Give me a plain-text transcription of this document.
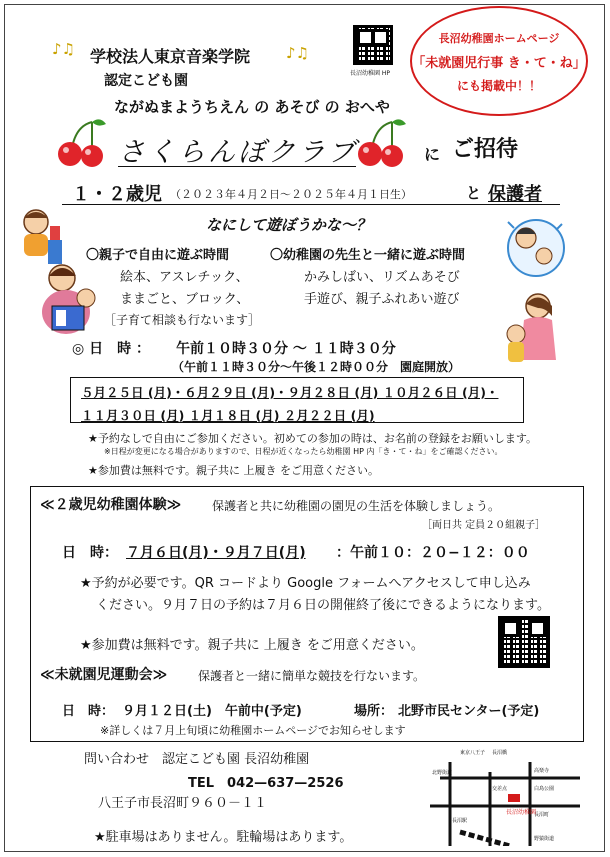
♪♫ 学校法人東京音楽学院 ♪♫
認定こども園
ながぬまようちえん の あそび の おへや
長沼幼稚園 HP
長沼幼稚園ホームページ
「未就園児行事 き・て・ね」
にも掲載中！！
さくらんぼクラブ	に ご招待
１・２歳児 （２０２３年４月２日～２０２５年４月１日生）	と 保護者
なにして遊ぼうかな～？
〇親子で自由に遊ぶ時間
絵本、アスレチック、
ままごと、ブロック、
［子育て相談も行ないます］
〇幼稚園の先生と一緒に遊ぶ時間
かみしばい、リズムあそび
手遊び、親子ふれあい遊び
◎ 日　時 ： 午前１０時３０分 ～ １１時３０分
（午前１１時３０分～午後１２時００分　園庭開放）
５月２５日 (月)・６月２９日 (月)・９月２８日 (月) １０月２６日 (月)・
１１月３０日 (月) １月１８日 (月) ２月２２日 (月)
★予約なしで自由にご参加ください。初めての参加の時は、お名前の登録をお願いします。
※日程が変更になる場合がありますので、日程が近くなったら幼稚園 HP 内「き・て・ね」をご確認ください。
★参加費は無料です。親子共に 上履き をご用意ください。
≪２歳児幼稚園体験≫	保護者と共に幼稚園の園児の生活を体験しましょう。
［両日共 定員２０組親子］
日　時： ７月６日(月)・９月７日(月) ：午前１０：２０−１２：００
★予約が必要です。QR コードより Google フォームへアクセスして申し込み
ください。９月７日の予約は７月６日の開催終了後にできるようになります。
★参加費は無料です。親子共に 上履き をご用意ください。
≪未就園児運動会≫	保護者と一緒に簡単な競技を行ないます。
日　時： ９月１２日(土)　午前中(予定)	場所： 北野市民センター(予定)
※詳しくは７月上旬頃に幼稚園ホームページでお知らせします
問い合わせ　認定こども園 長沼幼稚園
TEL　042—637—2526
八王子市長沼町９６０－１１
★駐車場はありません。駐輪場はあります。
東京八王子 長沼橋
高楽寺
北野街道
白鳥公園
交差点
長沼町
長沼駅
長沼幼稚園
野猿街道
